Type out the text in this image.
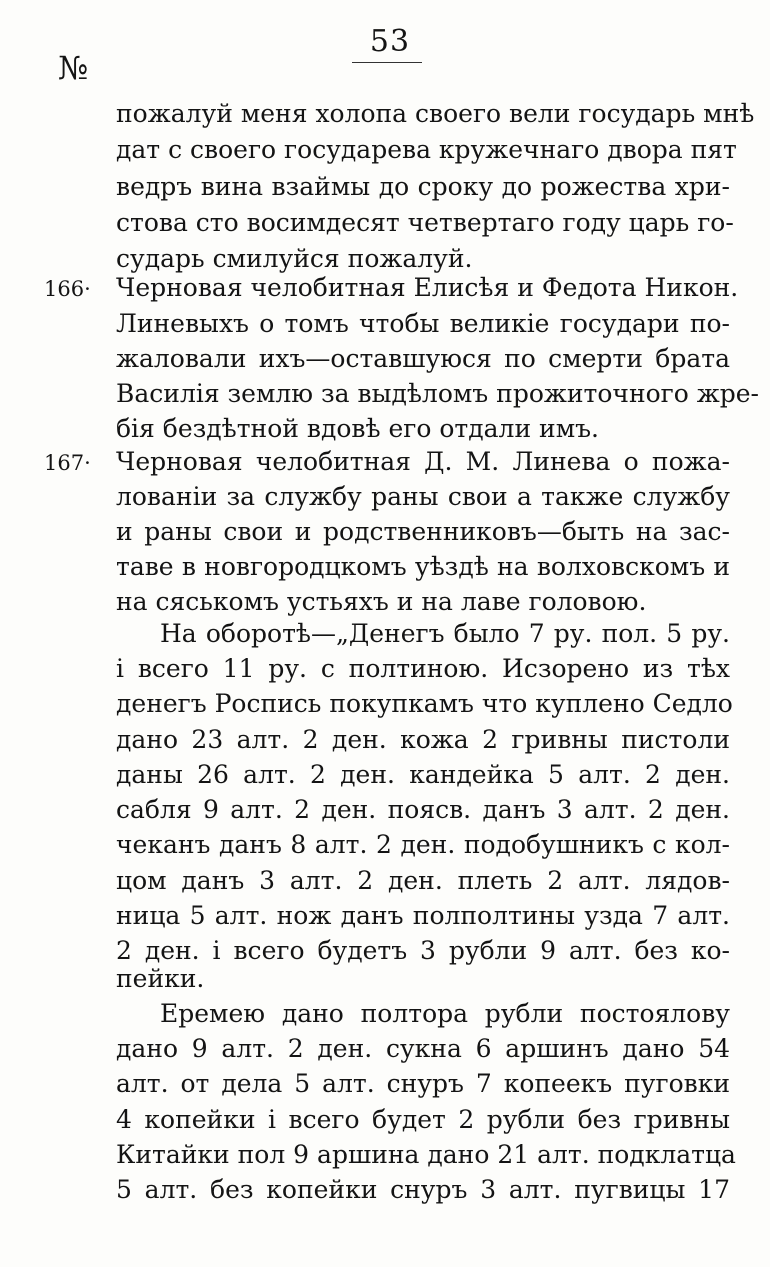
53
№
пожалуй меня холопа своего вели государь мнѣ
дат с своего государева кружечнаго двора пят
ведръ вина взаймы до сроку до рожества хри-
стова сто восимдесят четвертаго году царь го-
сударь смилуйся пожалуй.
166· Черновая челобитная Елисѣя и Федота Никон.
Линевыхъ о томъ чтобы великіе государи по-
жаловали ихъ—оставшуюся по смерти брата
Василія землю за выдѣломъ прожиточного жре-
бія бездѣтной вдовѣ его отдали имъ.
167· Черновая челобитная Д. М. Линева о пожа-
лованіи за службу раны свои а также службу
и раны свои и родственниковъ—быть на зас-
таве в новгородцкомъ уѣздѣ на волховскомъ и
на сяськомъ устьяхъ и на лаве головою.
На оборотѣ—„Денегъ было 7 ру. пол. 5 ру.
і всего 11 ру. с полтиною. Исзорено из тѣх
денегъ Роспись покупкамъ что куплено Седло
дано 23 алт. 2 ден. кожа 2 гривны пистоли
даны 26 алт. 2 ден. кандейка 5 алт. 2 ден.
сабля 9 алт. 2 ден. поясв. данъ 3 алт. 2 ден.
чеканъ данъ 8 алт. 2 ден. подобушникъ с кол-
цом данъ 3 алт. 2 ден. плеть 2 алт. лядов-
ница 5 алт. нож данъ полполтины узда 7 алт.
2 ден. і всего будетъ 3 рубли 9 алт. без ко-
пейки.
Еремею дано полтора рубли постоялову
дано 9 алт. 2 ден. сукна 6 аршинъ дано 54
алт. от дела 5 алт. снуръ 7 копеекъ пуговки
4 копейки і всего будет 2 рубли без гривны
Китайки пол 9 аршина дано 21 алт. подклатца
5 алт. без копейки снуръ 3 алт. пугвицы 17
